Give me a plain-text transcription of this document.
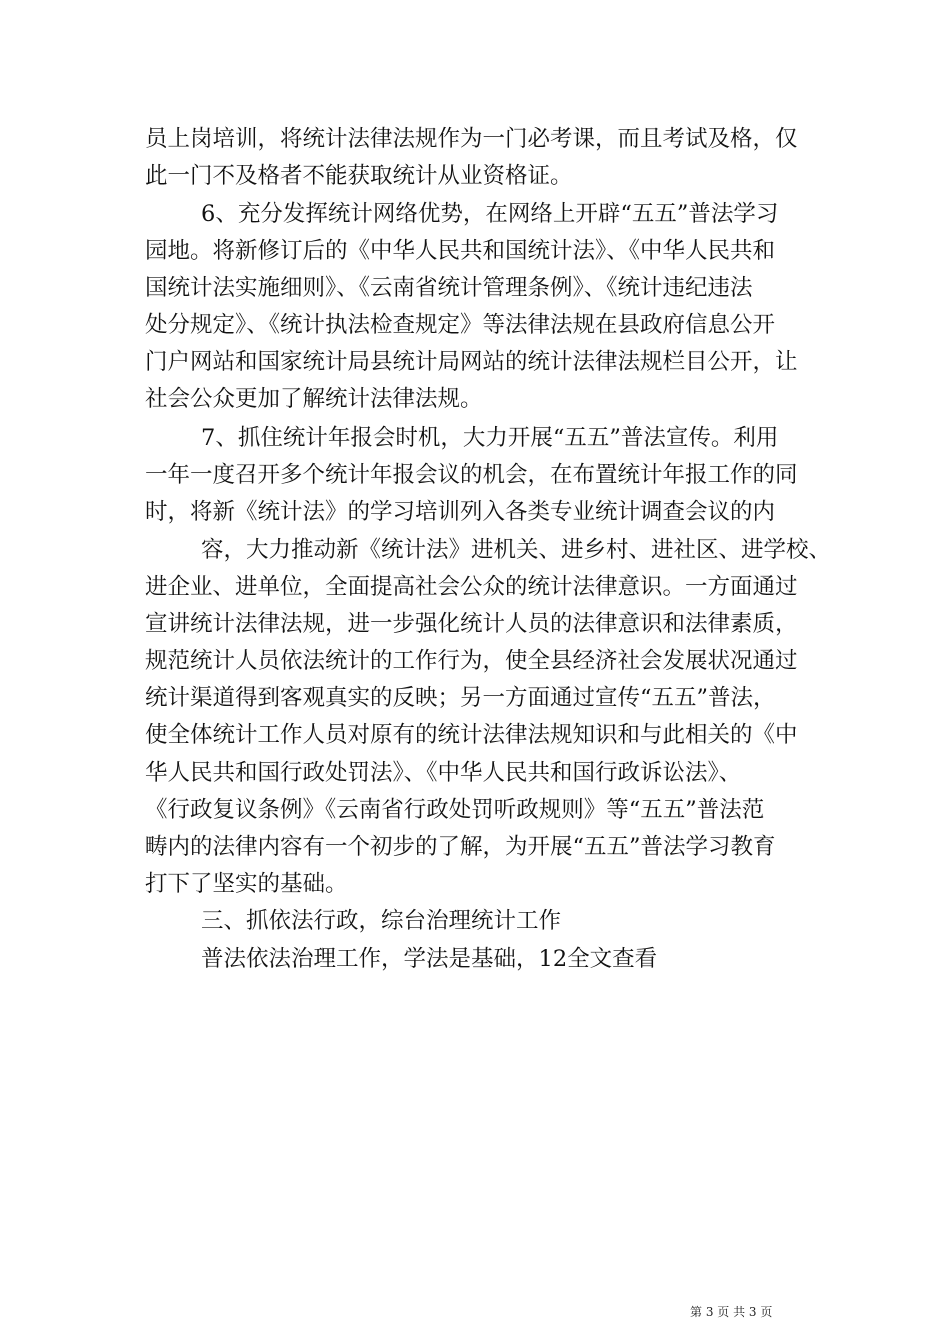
员上岗培训，将统计法律法规作为一门必考课，而且考试及格，仅
此一门不及格者不能获取统计从业资格证。
6、充分发挥统计网络优势，在网络上开辟“五五”普法学习
园地。将新修订后的《中华人民共和国统计法》、《中华人民共和
国统计法实施细则》、《云南省统计管理条例》、《统计违纪违法
处分规定》、《统计执法检查规定》等法律法规在县政府信息公开
门户网站和国家统计局县统计局网站的统计法律法规栏目公开，让
社会公众更加了解统计法律法规。
7、抓住统计年报会时机，大力开展“五五”普法宣传。利用
一年一度召开多个统计年报会议的机会，在布置统计年报工作的同
时，将新《统计法》的学习培训列入各类专业统计调查会议的内
容，大力推动新《统计法》进机关、进乡村、进社区、进学校、
进企业、进单位，全面提高社会公众的统计法律意识。一方面通过
宣讲统计法律法规，进一步强化统计人员的法律意识和法律素质，
规范统计人员依法统计的工作行为，使全县经济社会发展状况通过
统计渠道得到客观真实的反映；另一方面通过宣传“五五”普法，
使全体统计工作人员对原有的统计法律法规知识和与此相关的《中
华人民共和国行政处罚法》、《中华人民共和国行政诉讼法》、
《行政复议条例》《云南省行政处罚听政规则》等“五五”普法范
畴内的法律内容有一个初步的了解，为开展“五五”普法学习教育
打下了坚实的基础。
三、抓依法行政，综台治理统计工作
普法依法治理工作，学法是基础，12全文查看
第 3 页 共 3 页
